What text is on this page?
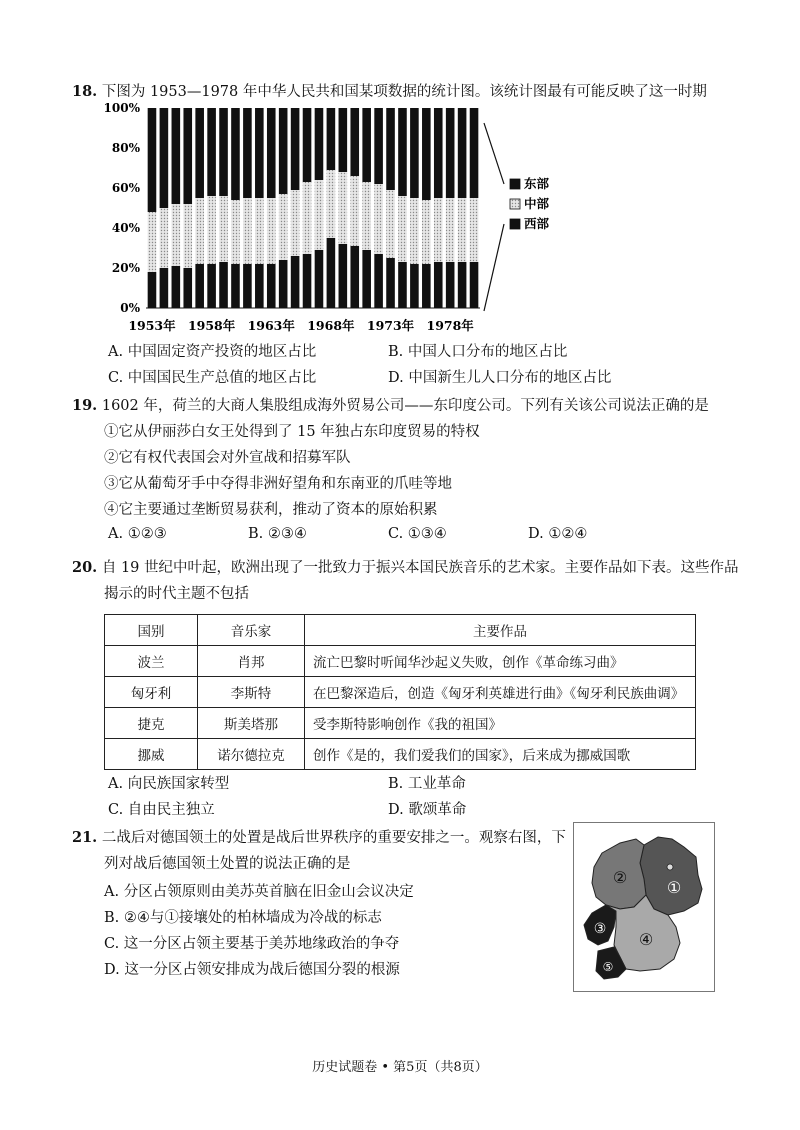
18. 下图为 1953—1978 年中华人民共和国某项数据的统计图。该统计图最有可能反映了这一时期
0%
20%
40%
60%
80%
100%
1953年 1958年 1963年 1968年 1973年 1978年
东部
中部
西部
A. 中国固定资产投资的地区占比	B. 中国人口分布的地区占比
C. 中国国民生产总值的地区占比	D. 中国新生儿人口分布的地区占比
19. 1602 年，荷兰的大商人集股组成海外贸易公司——东印度公司。下列有关该公司说法正确的是
①它从伊丽莎白女王处得到了 15 年独占东印度贸易的特权
②它有权代表国会对外宣战和招募军队
③它从葡萄牙手中夺得非洲好望角和东南亚的爪哇等地
④它主要通过垄断贸易获利，推动了资本的原始积累
A. ①②③	B. ②③④	C. ①③④	D. ①②④
20. 自 19 世纪中叶起，欧洲出现了一批致力于振兴本国民族音乐的艺术家。主要作品如下表。这些作品
揭示的时代主题不包括
国别	音乐家	主要作品
波兰	肖邦	流亡巴黎时听闻华沙起义失败，创作《革命练习曲》
匈牙利	李斯特	在巴黎深造后，创造《匈牙利英雄进行曲》《匈牙利民族曲调》
捷克	斯美塔那	受李斯特影响创作《我的祖国》
挪威	诺尔德拉克	创作《是的，我们爱我们的国家》，后来成为挪威国歌
A. 向民族国家转型	B. 工业革命
C. 自由民主独立	D. 歌颂革命
21. 二战后对德国领土的处置是战后世界秩序的重要安排之一。观察右图，下
列对战后德国领土处置的说法正确的是
A. 分区占领原则由美苏英首脑在旧金山会议决定
B. ②④与①接壤处的柏林墙成为冷战的标志
C. 这一分区占领主要基于美苏地缘政治的争夺
D. 这一分区占领安排成为战后德国分裂的根源
①
②
③
④
⑤
历史试题卷 • 第5页（共8页）
